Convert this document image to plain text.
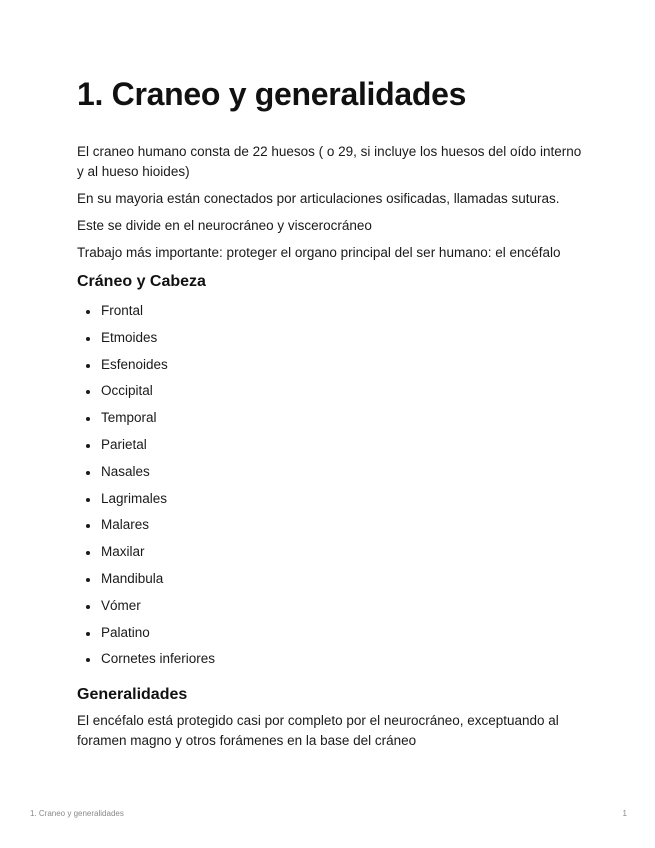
1. Craneo y generalidades

El craneo humano consta de 22 huesos ( o 29, si incluye los huesos del oído interno y al hueso hioides)

En su mayoria están conectados por articulaciones osificadas, llamadas suturas.

Este se divide en el neurocráneo y viscerocráneo

Trabajo más importante: proteger el organo principal del ser humano: el encéfalo

Cráneo y Cabeza
Frontal
Etmoides
Esfenoides
Occipital
Temporal
Parietal
Nasales
Lagrimales
Malares
Maxilar
Mandibula
Vómer
Palatino
Cornetes inferiores
Generalidades

El encéfalo está protegido casi por completo por el neurocráneo, exceptuando al foramen magno y otros forámenes en la base del cráneo

1. Craneo y generalidades	1
